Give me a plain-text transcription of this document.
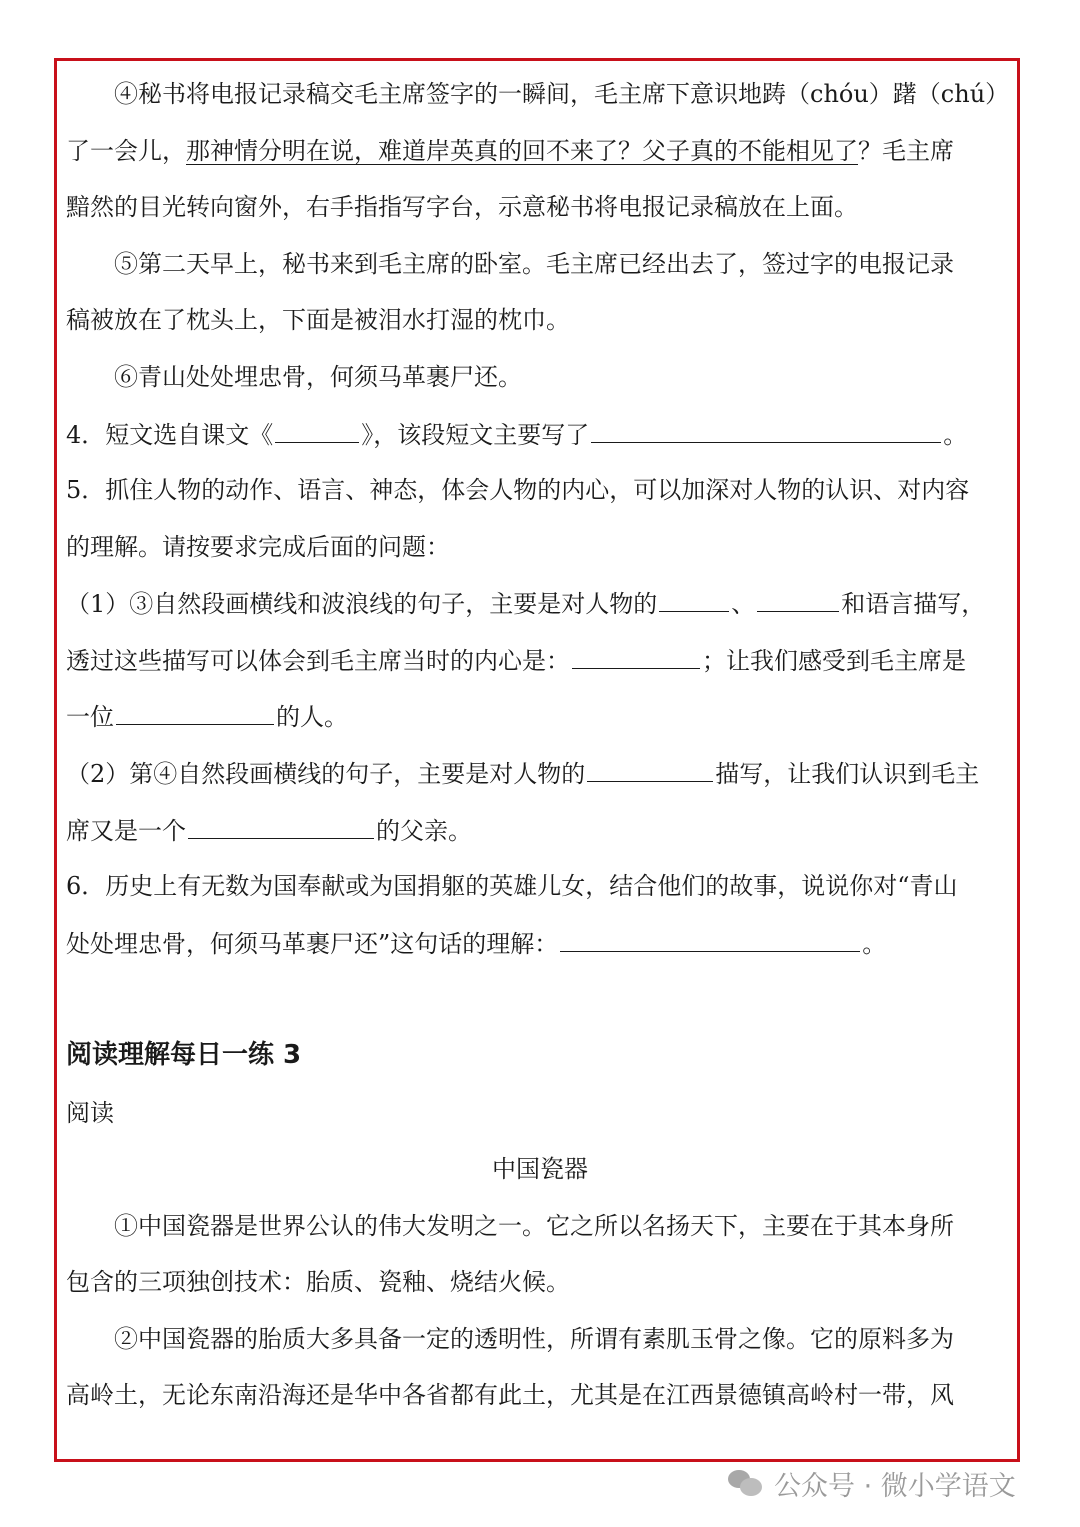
④秘书将电报记录稿交毛主席签字的一瞬间，毛主席下意识地踌（chóu）躇（chú）
了一会儿，那神情分明在说，难道岸英真的回不来了？父子真的不能相见了？毛主席
黯然的目光转向窗外，右手指指写字台，示意秘书将电报记录稿放在上面。
⑤第二天早上，秘书来到毛主席的卧室。毛主席已经出去了，签过字的电报记录
稿被放在了枕头上，下面是被泪水打湿的枕巾。
⑥青山处处埋忠骨，何须马革裹尸还。
4．短文选自课文《	》，该段短文主要写了	。
5．抓住人物的动作、语言、神态，体会人物的内心，可以加深对人物的认识、对内容
的理解。请按要求完成后面的问题：
（1）③自然段画横线和波浪线的句子，主要是对人物的	、	和语言描写，
透过这些描写可以体会到毛主席当时的内心是：	；让我们感受到毛主席是
一位	的人。
（2）第④自然段画横线的句子，主要是对人物的	描写，让我们认识到毛主
席又是一个	的父亲。
6．历史上有无数为国奉献或为国捐躯的英雄儿女，结合他们的故事，说说你对“青山
处处埋忠骨，何须马革裹尸还”这句话的理解：	。
阅读理解每日一练 3
阅读
中国瓷器
①中国瓷器是世界公认的伟大发明之一。它之所以名扬天下，主要在于其本身所
包含的三项独创技术：胎质、瓷釉、烧结火候。
②中国瓷器的胎质大多具备一定的透明性，所谓有素肌玉骨之像。它的原料多为
高岭土，无论东南沿海还是华中各省都有此土，尤其是在江西景德镇高岭村一带，风
公众号 · 微小学语文
